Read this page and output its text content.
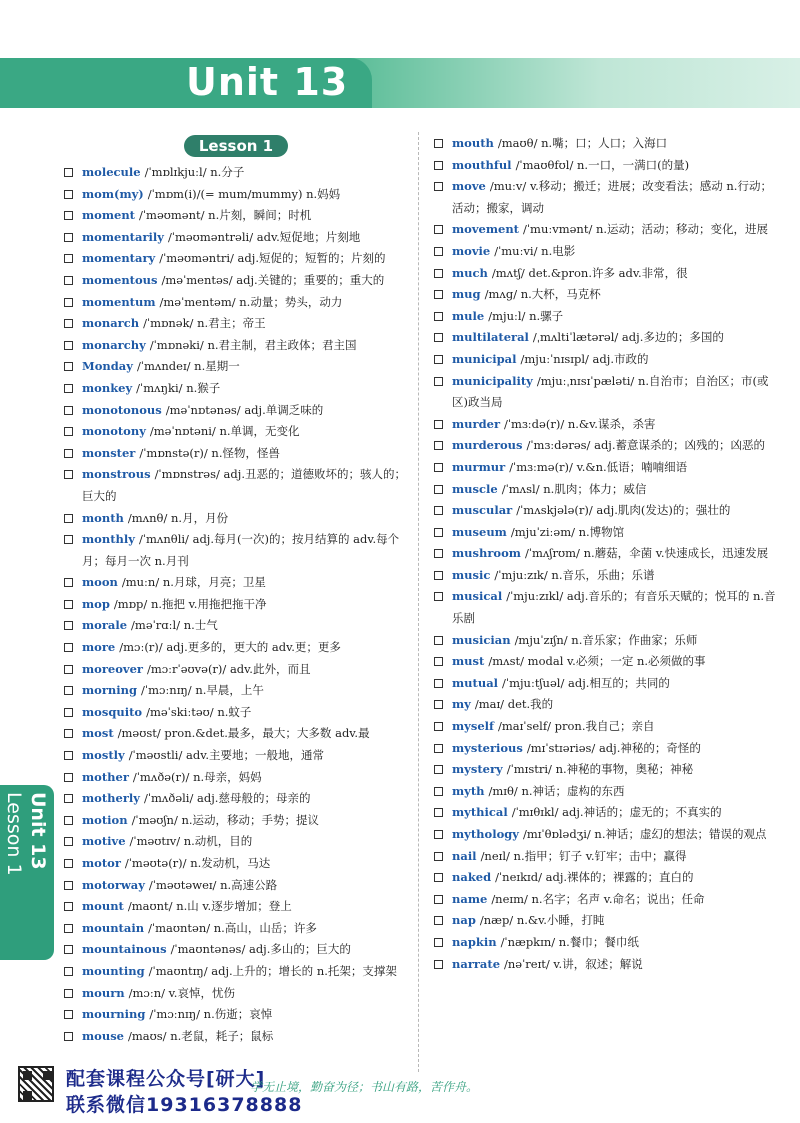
Unit 13
Lesson 1
molecule /ˈmɒlɪkjuːl/ n.分子
mom(my) /ˈmɒm(i)/(= mum/mummy) n.妈妈
moment /ˈməʊmənt/ n.片刻，瞬间；时机
momentarily /ˈməʊməntrəli/ adv.短促地；片刻地
momentary /ˈməʊməntri/ adj.短促的；短暂的；片刻的
momentous /məˈmentəs/ adj.关键的；重要的；重大的
momentum /məˈmentəm/ n.动量；势头，动力
monarch /ˈmɒnək/ n.君主；帝王
monarchy /ˈmɒnəki/ n.君主制，君主政体；君主国
Monday /ˈmʌndeɪ/ n.星期一
monkey /ˈmʌŋki/ n.猴子
monotonous /məˈnɒtənəs/ adj.单调乏味的
monotony /məˈnɒtəni/ n.单调，无变化
monster /ˈmɒnstə(r)/ n.怪物，怪兽
monstrous /ˈmɒnstrəs/ adj.丑恶的；道德败坏的；骇人的；巨大的
month /mʌnθ/ n.月，月份
monthly /ˈmʌnθli/ adj.每月(一次)的；按月结算的 adv.每个月；每月一次 n.月刊
moon /muːn/ n.月球，月亮；卫星
mop /mɒp/ n.拖把 v.用拖把拖干净
morale /məˈrɑːl/ n.士气
more /mɔː(r)/ adj.更多的，更大的 adv.更；更多
moreover /mɔːrˈəʊvə(r)/ adv.此外，而且
morning /ˈmɔːnɪŋ/ n.早晨，上午
mosquito /məˈskiːtəʊ/ n.蚊子
most /məʊst/ pron.&det.最多，最大；大多数 adv.最
mostly /ˈməʊstli/ adv.主要地；一般地，通常
mother /ˈmʌðə(r)/ n.母亲，妈妈
motherly /ˈmʌðəli/ adj.慈母般的；母亲的
motion /ˈməʊʃn/ n.运动，移动；手势；提议
motive /ˈməʊtɪv/ n.动机，目的
motor /ˈməʊtə(r)/ n.发动机，马达
motorway /ˈməʊtəweɪ/ n.高速公路
mount /maʊnt/ n.山 v.逐步增加；登上
mountain /ˈmaʊntən/ n.高山，山岳；许多
mountainous /ˈmaʊntənəs/ adj.多山的；巨大的
mounting /ˈmaʊntɪŋ/ adj.上升的；增长的 n.托架；支撑架
mourn /mɔːn/ v.哀悼，忧伤
mourning /ˈmɔːnɪŋ/ n.伤逝；哀悼
mouse /maʊs/ n.老鼠，耗子；鼠标
mouth /maʊθ/ n.嘴；口；人口；入海口
mouthful /ˈmaʊθfʊl/ n.一口，一满口(的量)
move /muːv/ v.移动；搬迁；进展；改变看法；感动 n.行动；活动；搬家，调动
movement /ˈmuːvmənt/ n.运动；活动；移动；变化，进展
movie /ˈmuːvi/ n.电影
much /mʌtʃ/ det.&pron.许多 adv.非常，很
mug /mʌg/ n.大杯，马克杯
mule /mjuːl/ n.骡子
multilateral /ˌmʌltiˈlætərəl/ adj.多边的；多国的
municipal /mjuːˈnɪsɪpl/ adj.市政的
municipality /mjuːˌnɪsɪˈpæləti/ n.自治市；自治区；市(或区)政当局
murder /ˈmɜːdə(r)/ n.&v.谋杀，杀害
murderous /ˈmɜːdərəs/ adj.蓄意谋杀的；凶残的；凶恶的
murmur /ˈmɜːmə(r)/ v.&n.低语；喃喃细语
muscle /ˈmʌsl/ n.肌肉；体力；威信
muscular /ˈmʌskjələ(r)/ adj.肌肉(发达)的；强壮的
museum /mjuˈziːəm/ n.博物馆
mushroom /ˈmʌʃrʊm/ n.蘑菇，伞菌 v.快速成长，迅速发展
music /ˈmjuːzɪk/ n.音乐，乐曲；乐谱
musical /ˈmjuːzɪkl/ adj.音乐的；有音乐天赋的；悦耳的 n.音乐剧
musician /mjuˈzɪʃn/ n.音乐家；作曲家；乐师
must /mʌst/ modal v.必须；一定 n.必须做的事
mutual /ˈmjuːtʃuəl/ adj.相互的；共同的
my /maɪ/ det.我的
myself /maɪˈself/ pron.我自己；亲自
mysterious /mɪˈstɪəriəs/ adj.神秘的；奇怪的
mystery /ˈmɪstri/ n.神秘的事物，奥秘；神秘
myth /mɪθ/ n.神话；虚构的东西
mythical /ˈmɪθɪkl/ adj.神话的；虚无的；不真实的
mythology /mɪˈθɒlədʒi/ n.神话；虚幻的想法；错误的观点
nail /neɪl/ n.指甲；钉子 v.钉牢；击中；赢得
naked /ˈneɪkɪd/ adj.裸体的；裸露的；直白的
name /neɪm/ n.名字；名声 v.命名；说出；任命
nap /næp/ n.&v.小睡，打盹
napkin /ˈnæpkɪn/ n.餐巾；餐巾纸
narrate /nəˈreɪt/ v.讲，叙述；解说
Unit 13 Lesson 1
配套课程公众号[研大]
联系微信19316378888
学无止境，勤奋为径；书山有路，苦作舟。
